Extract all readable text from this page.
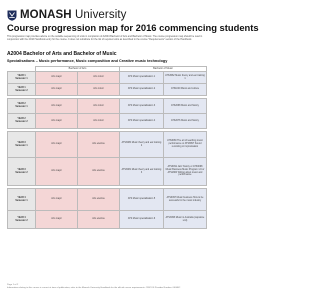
MONASH University
Course progression map for 2016 commencing students
This progression map provides advice on the suitable sequencing of units in completion of A2004 Bachelor of Arts and Bachelor of Music. The course progression map should be read in conjunction with the 2016 Handbook entry for the course. It does not substitute for the list of required units as described in the course "Requirements" section of the Handbook.
A2004 Bachelor of Arts and Bachelor of Music
Specialisations – Music performance, Music composition and Creative music technology
	Bachelor of Arts		Bachelor of Music	

YEAR 1
Semester 1	Arts major	Arts minor	ATS Music specialisation 1	ATS3062 Music theory and ear training 1

YEAR 1
Semester 2	Arts major	Arts minor	ATS Music specialisation 2	ATS1040 Music and culture

YEAR 2
Semester 1	Arts major	Arts minor	ATS Music specialisation 3	ATS2068 Music and history

YEAR 2
Semester 2	Arts major	Arts minor	ATS Music specialisation 4	ATS2076 Music and history

YEAR 3
Semester 1	Arts major	Arts elective	ATS3080 Music theory and ear training 2	ATS3080 The art of teaching music performance or ATS3897 Sound recording or improvisation

YEAR 3
Semester 2	Arts major	Arts elective	ATS3081 Music theory and ear training 3	ATS3091 Jazz history or ATS3098 Music Business Music Program 1-6 or ATS2900 Writing about music and performance

YEAR 4
Semester 1	Arts major	Arts elective	ATS Music specialisation 5	ATS3097 Music business How to be successful in the music industry

YEAR 4
Semester 2	Arts major	Arts elective	ATS Music specialisation 6	ATS3095 Music in Australia (capstone unit)
Page 1 of 2
Information relating to this course is correct at time of publication; refer to the Monash University Handbook for the official course requirements. CRICOS Provider Number: 00008C
